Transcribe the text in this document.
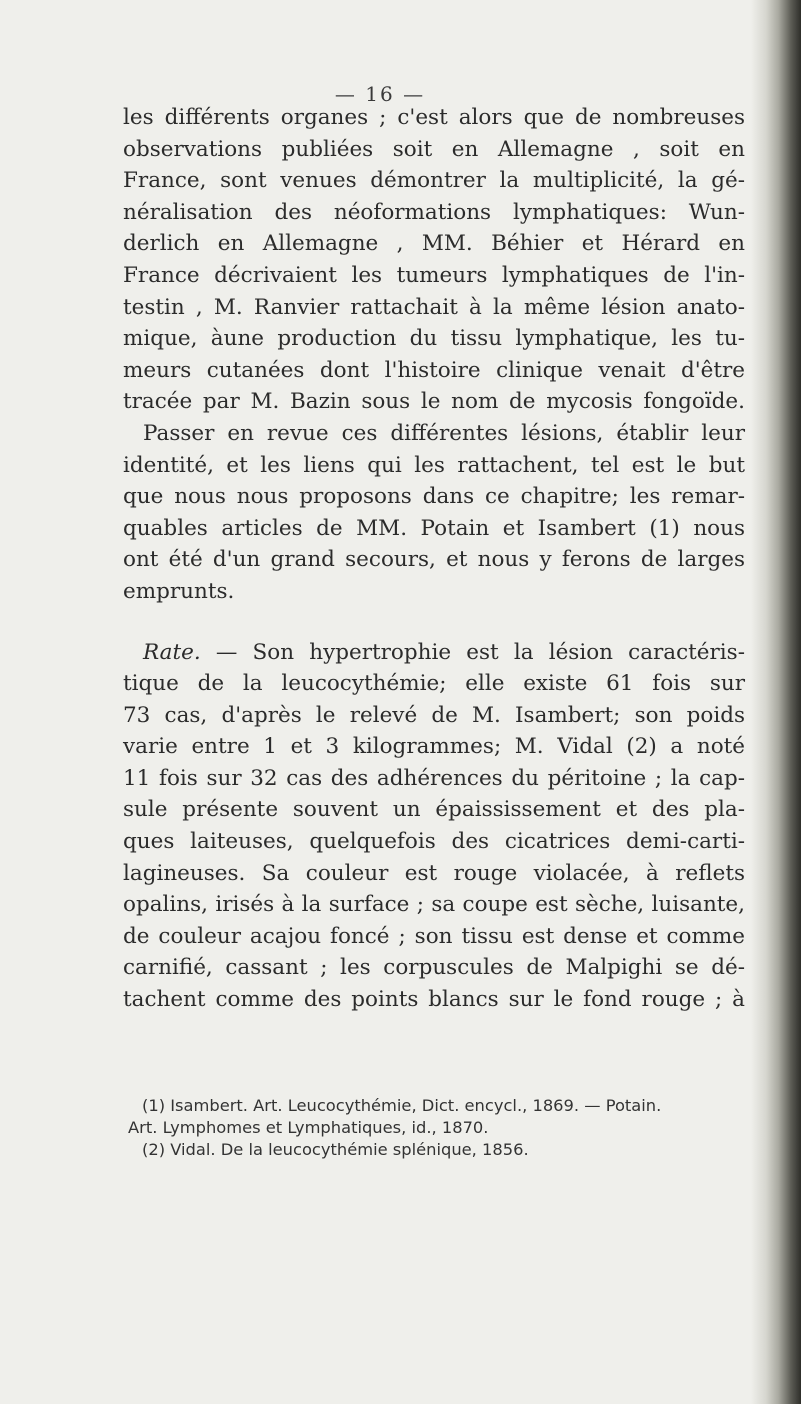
— 16 —
les différents organes ; c'est alors que de nombreuses
observations publiées soit en Allemagne , soit en
France, sont venues démontrer la multiplicité, la gé-
néralisation des néoformations lymphatiques: Wun-
derlich en Allemagne , MM. Béhier et Hérard en
France décrivaient les tumeurs lymphatiques de l'in-
testin , M. Ranvier rattachait à la même lésion anato-
mique, àune production du tissu lymphatique, les tu-
meurs cutanées dont l'histoire clinique venait d'être
tracée par M. Bazin sous le nom de mycosis fongoïde.
Passer en revue ces différentes lésions, établir leur
identité, et les liens qui les rattachent, tel est le but
que nous nous proposons dans ce chapitre; les remar-
quables articles de MM. Potain et Isambert (1) nous
ont été d'un grand secours, et nous y ferons de larges
emprunts.
Rate. — Son hypertrophie est la lésion caractéris-
tique de la leucocythémie; elle existe 61 fois sur
73 cas, d'après le relevé de M. Isambert; son poids
varie entre 1 et 3 kilogrammes; M. Vidal (2) a noté
11 fois sur 32 cas des adhérences du péritoine ; la cap-
sule présente souvent un épaississement et des pla-
ques laiteuses, quelquefois des cicatrices demi-carti-
lagineuses. Sa couleur est rouge violacée, à reflets
opalins, irisés à la surface ; sa coupe est sèche, luisante,
de couleur acajou foncé ; son tissu est dense et comme
carnifié, cassant ; les corpuscules de Malpighi se dé-
tachent comme des points blancs sur le fond rouge ; à
(1) Isambert. Art. Leucocythémie, Dict. encycl., 1869. — Potain.
Art. Lymphomes et Lymphatiques, id., 1870.
(2) Vidal. De la leucocythémie splénique, 1856.
